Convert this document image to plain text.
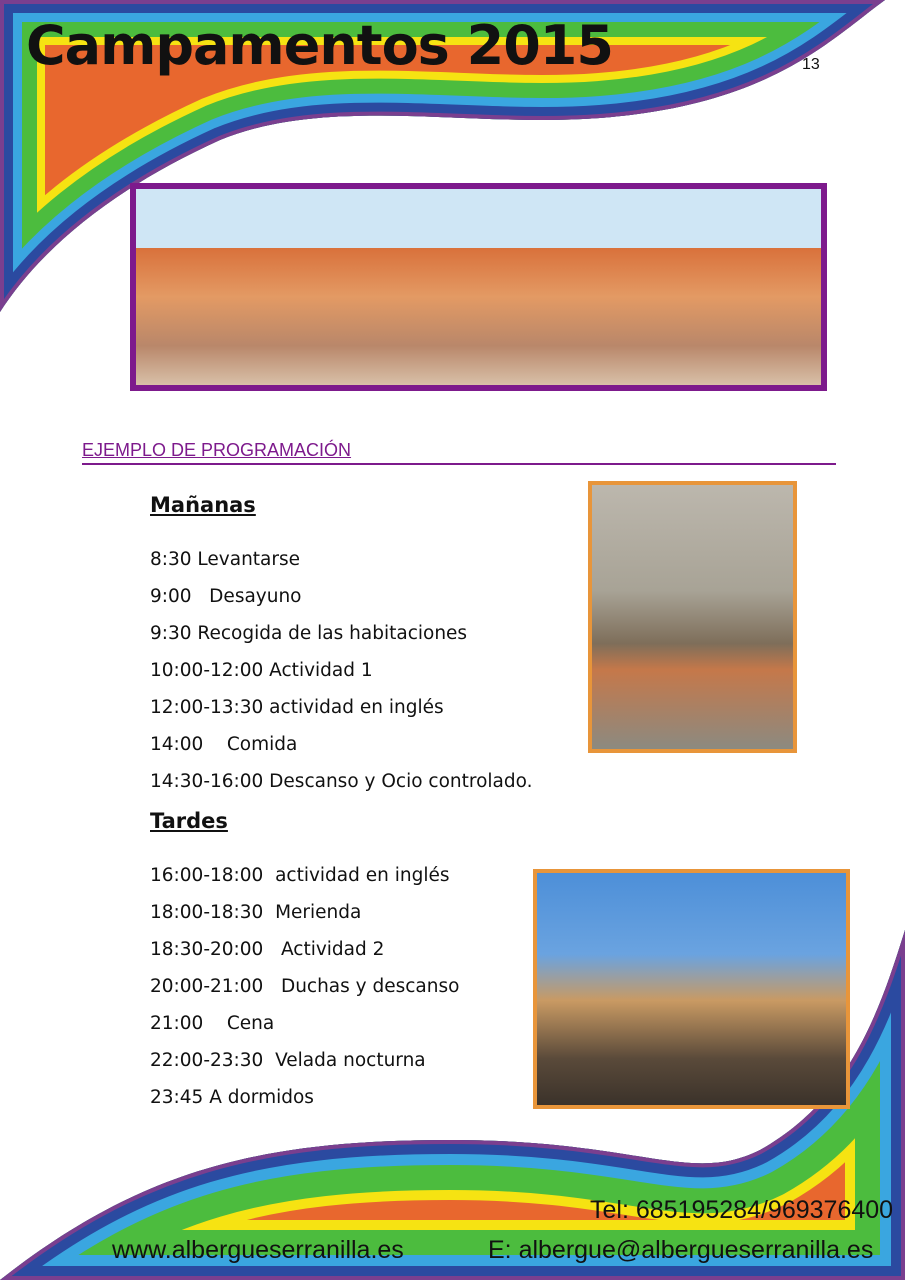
Campamentos 2015	13
EJEMPLO DE PROGRAMACIÓN
Mañanas
8:30 Levantarse
9:00   Desayuno
9:30 Recogida de las habitaciones
10:00-12:00 Actividad 1
12:00-13:30 actividad en inglés
14:00    Comida
14:30-16:00 Descanso y Ocio controlado.
Tardes
16:00-18:00  actividad en inglés
18:00-18:30  Merienda
18:30-20:00   Actividad 2
20:00-21:00   Duchas y descanso
21:00    Cena
22:00-23:30  Velada nocturna
23:45 A dormidos
Tel: 685195284/969376400
www.albergueserranilla.es	E: albergue@albergueserranilla.es
